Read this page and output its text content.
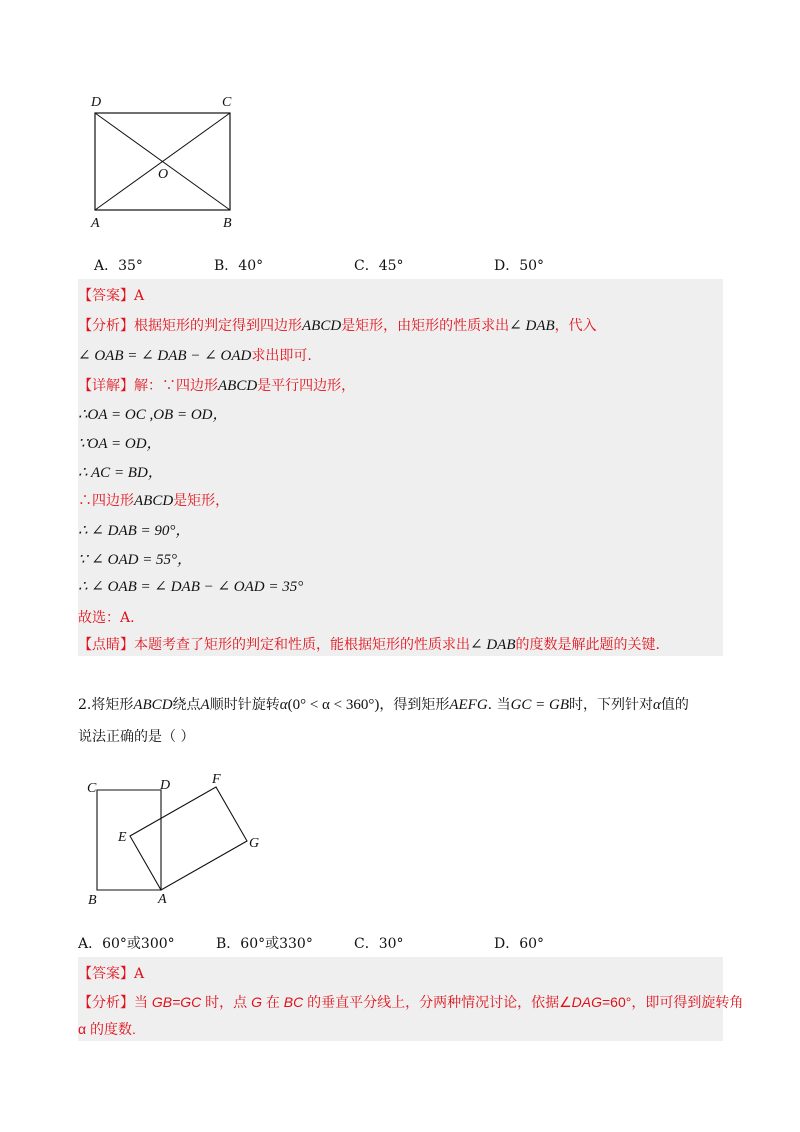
D	C
O
A	B
A．35°	B．40°	C．45°	D．50°
【答案】A
【分析】根据矩形的判定得到四边形ABCD是矩形，由矩形的性质求出∠ DAB，代入
∠ OAB = ∠ DAB − ∠ OAD求出即可.
【详解】解：∵四边形ABCD是平行四边形，
∴OA = OC ,OB = OD，
∵OA = OD，
∴ AC = BD，
∴四边形ABCD是矩形，
∴ ∠ DAB = 90°，
∵ ∠ OAD = 55°，
∴ ∠ OAB = ∠ DAB − ∠ OAD = 35°
故选：A.
【点睛】本题考查了矩形的判定和性质，能根据矩形的性质求出∠ DAB的度数是解此题的关键.
2.将矩形ABCD绕点A顺时针旋转α(0° < α < 360°)，得到矩形AEFG. 当GC = GB时，下列针对α值的
说法正确的是（ ）
C	D	F
E	G
B	A
A．60°或300°	B．60°或330°	C．30°	D．60°
【答案】A
【分析】当 GB=GC 时，点 G 在 BC 的垂直平分线上，分两种情况讨论，依据∠DAG=60°，即可得到旋转角
α 的度数.
